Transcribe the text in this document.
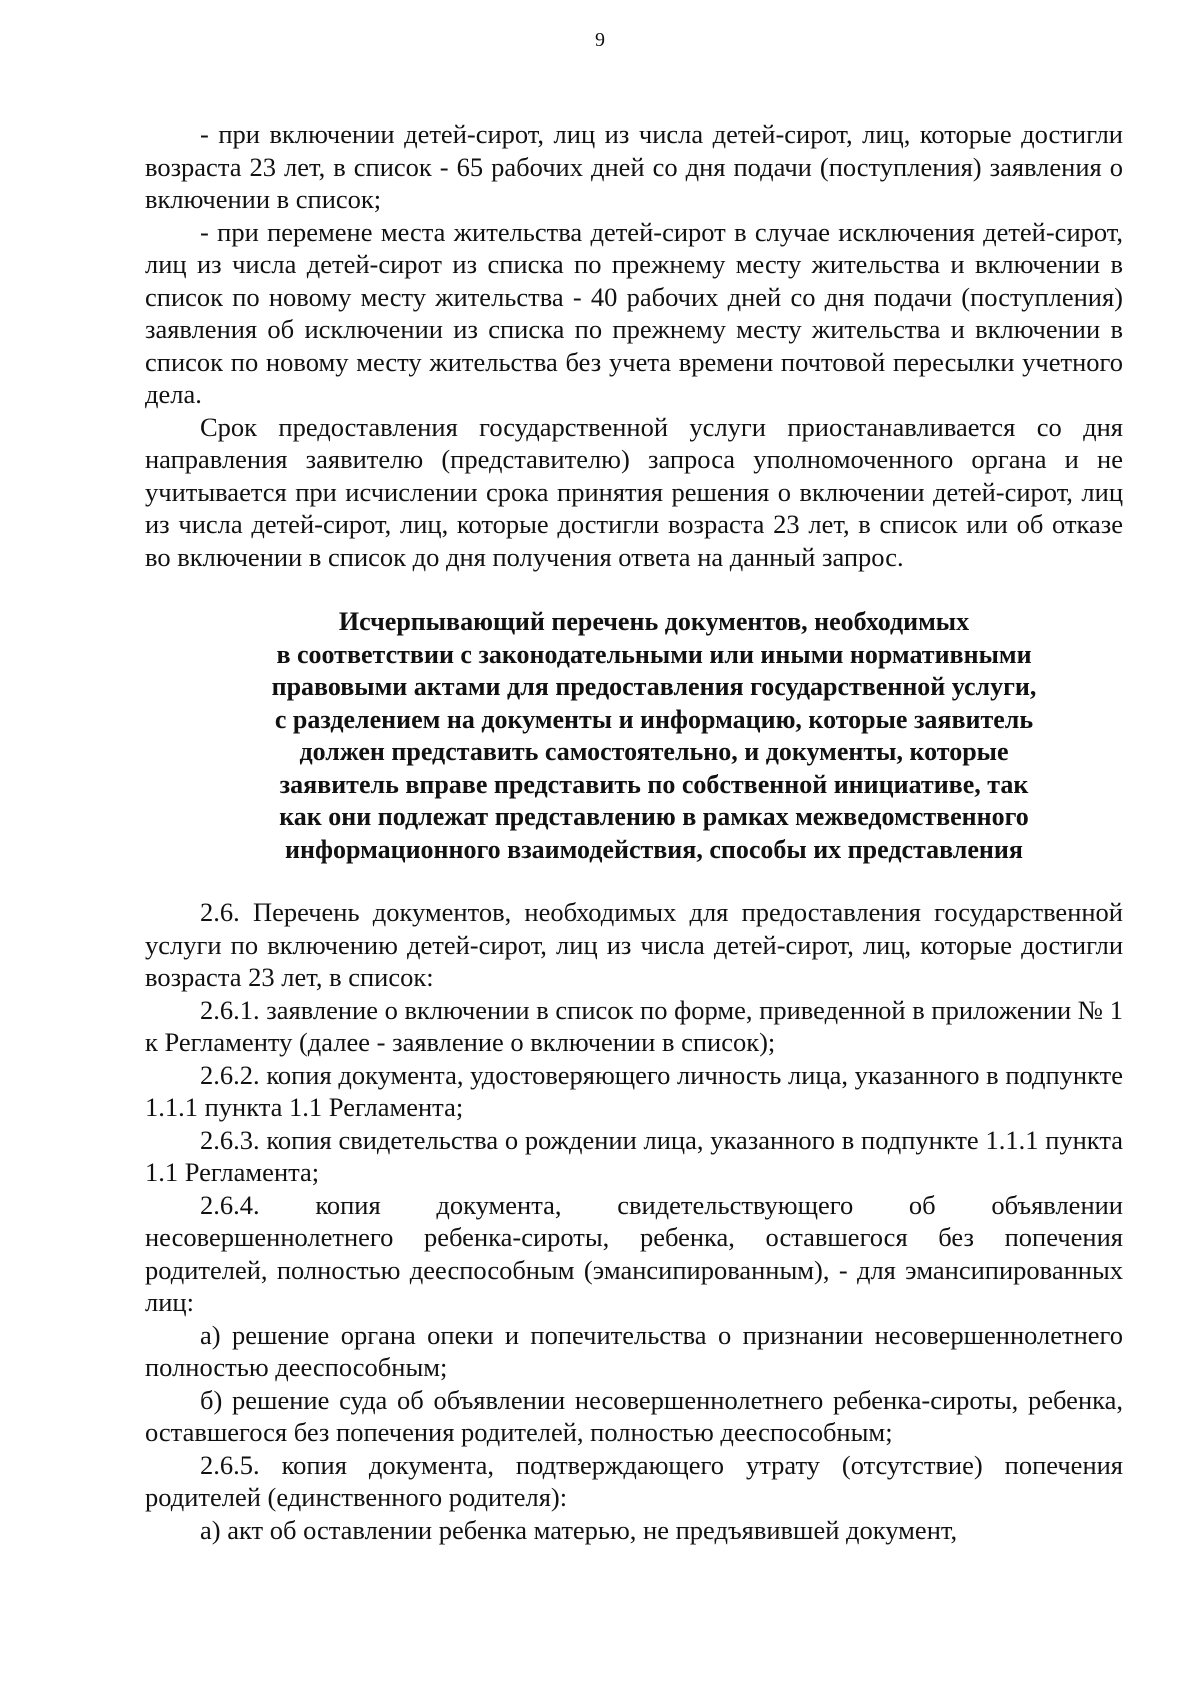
9

- при включении детей-сирот, лиц из числа детей-сирот, лиц, которые достигли возраста 23 лет, в список - 65 рабочих дней со дня подачи (поступления) заявления о включении в список;

- при перемене места жительства детей-сирот в случае исключения детей-сирот, лиц из числа детей-сирот из списка по прежнему месту жительства и включении в список по новому месту жительства - 40 рабочих дней со дня подачи (поступления) заявления об исключении из списка по прежнему месту жительства и включении в список по новому месту жительства без учета времени почтовой пересылки учетного дела.

Срок предоставления государственной услуги приостанавливается со дня направления заявителю (представителю) запроса уполномоченного органа и не учитывается при исчислении срока принятия решения о включении детей-сирот, лиц из числа детей-сирот, лиц, которые достигли возраста 23 лет, в список или об отказе во включении в список до дня получения ответа на данный запрос.

Исчерпывающий перечень документов, необходимых
в соответствии с законодательными или иными нормативными
правовыми актами для предоставления государственной услуги,
с разделением на документы и информацию, которые заявитель
должен представить самостоятельно, и документы, которые
заявитель вправе представить по собственной инициативе, так
как они подлежат представлению в рамках межведомственного
информационного взаимодействия, способы их представления

2.6. Перечень документов, необходимых для предоставления государственной услуги по включению детей-сирот, лиц из числа детей-сирот, лиц, которые достигли возраста 23 лет, в список:

2.6.1. заявление о включении в список по форме, приведенной в приложении № 1 к Регламенту (далее - заявление о включении в список);

2.6.2. копия документа, удостоверяющего личность лица, указанного в подпункте 1.1.1 пункта 1.1 Регламента;

2.6.3. копия свидетельства о рождении лица, указанного в подпункте 1.1.1 пункта 1.1 Регламента;

2.6.4. копия документа, свидетельствующего об объявлении несовершеннолетнего ребенка-сироты, ребенка, оставшегося без попечения родителей, полностью дееспособным (эмансипированным), - для эмансипированных лиц:

а) решение органа опеки и попечительства о признании несовершеннолетнего полностью дееспособным;

б) решение суда об объявлении несовершеннолетнего ребенка-сироты, ребенка, оставшегося без попечения родителей, полностью дееспособным;

2.6.5. копия документа, подтверждающего утрату (отсутствие) попечения родителей (единственного родителя):

а) акт об оставлении ребенка матерью, не предъявившей документ,
